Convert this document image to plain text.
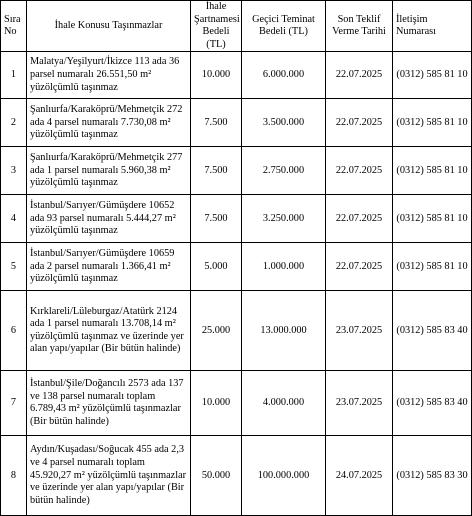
Sıra No	İhale Konusu Taşınmazlar	İhale Şartnamesi Bedeli (TL)	Geçici Teminat Bedeli (TL)	Son Teklif Verme Tarihi	İletişim Numarası
1	Malatya/Yeşilyurt/İkizce 113 ada 36 parsel numaralı 26.551,50 m² yüzölçümlü taşınmaz	10.000	6.000.000	22.07.2025	(0312) 585 81 10
2	Şanlıurfa/Karaköprü/Mehmetçik 272 ada 4 parsel numaralı 7.730,08 m² yüzölçümlü taşınmaz	7.500	3.500.000	22.07.2025	(0312) 585 81 10
3	Şanlıurfa/Karaköprü/Mehmetçik 277 ada 1 parsel numaralı 5.960,38 m² yüzölçümlü taşınmaz	7.500	2.750.000	22.07.2025	(0312) 585 81 10
4	İstanbul/Sarıyer/Gümüşdere 10652 ada 93 parsel numaralı 5.444,27 m² yüzölçümlü taşınmaz	7.500	3.250.000	22.07.2025	(0312) 585 81 10
5	İstanbul/Sarıyer/Gümüşdere 10659 ada 2 parsel numaralı 1.366,41 m² yüzölçümlü taşınmaz	5.000	1.000.000	22.07.2025	(0312) 585 81 10
6	Kırklareli/Lüleburgaz/Atatürk 2124 ada 1 parsel numaralı 13.708,14 m² yüzölçümlü taşınmaz ve üzerinde yer alan yapı/yapılar (Bir bütün halinde)	25.000	13.000.000	23.07.2025	(0312) 585 83 40
7	İstanbul/Şile/Doğancılı 2573 ada 137 ve 138 parsel numaralı toplam 6.789,43 m² yüzölçümlü taşınmazlar (Bir bütün halinde)	10.000	4.000.000	23.07.2025	(0312) 585 83 40
8	Aydın/Kuşadası/Soğucak 455 ada 2,3 ve 4 parsel numaralı toplam 45.920,27 m² yüzölçümlü taşınmazlar ve üzerinde yer alan yapı/yapılar (Bir bütün halinde)	50.000	100.000.000	24.07.2025	(0312) 585 83 30
